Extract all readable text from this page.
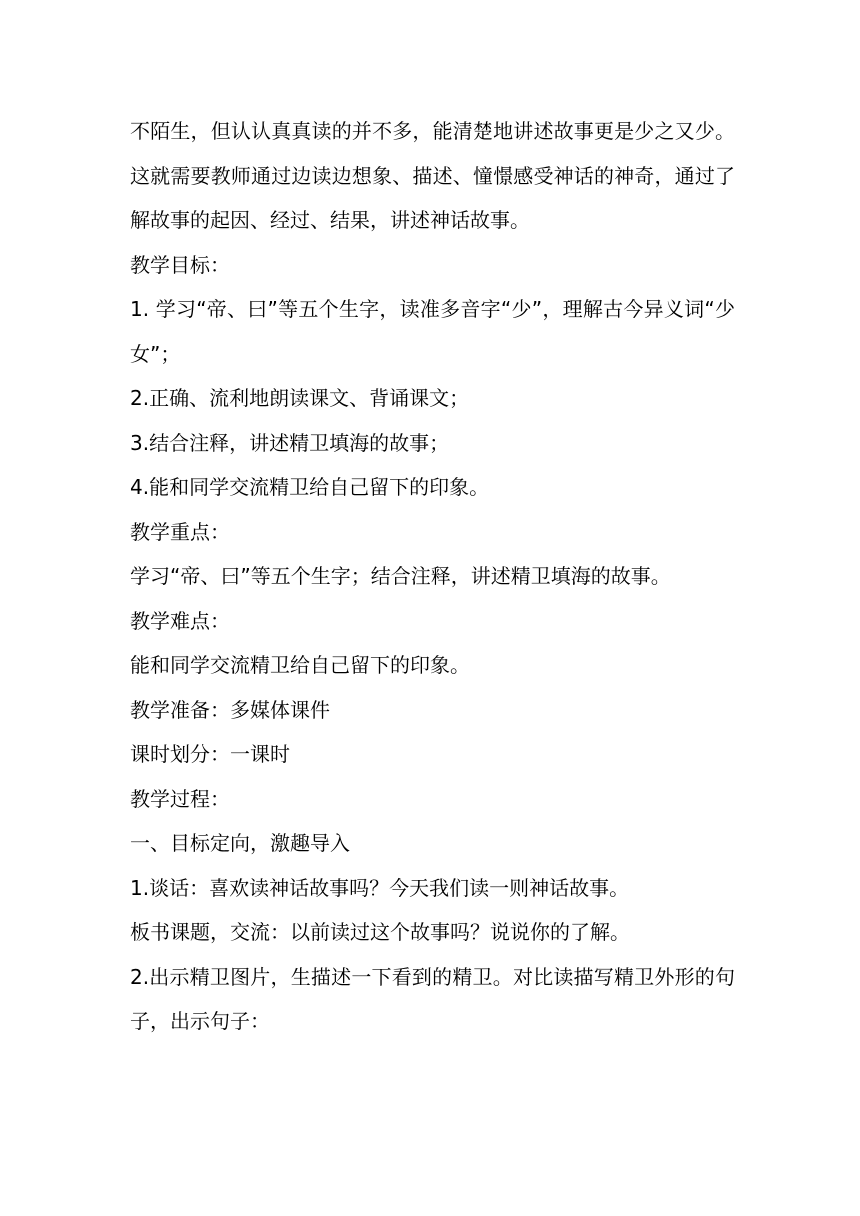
不陌生，但认认真真读的并不多，能清楚地讲述故事更是少之又少。这就需要教师通过边读边想象、描述、憧憬感受神话的神奇，通过了解故事的起因、经过、结果，讲述神话故事。

教学目标：

1. 学习“帝、曰”等五个生字，读准多音字“少”，理解古今异义词“少女”；

2.正确、流利地朗读课文、背诵课文；

3.结合注释，讲述精卫填海的故事；

4.能和同学交流精卫给自己留下的印象。

教学重点：

学习“帝、曰”等五个生字；结合注释，讲述精卫填海的故事。

教学难点：

能和同学交流精卫给自己留下的印象。

教学准备：多媒体课件

课时划分：一课时

教学过程：

一、目标定向，激趣导入

1.谈话：喜欢读神话故事吗？今天我们读一则神话故事。

板书课题，交流：以前读过这个故事吗？说说你的了解。

2.出示精卫图片，生描述一下看到的精卫。对比读描写精卫外形的句子，出示句子：
